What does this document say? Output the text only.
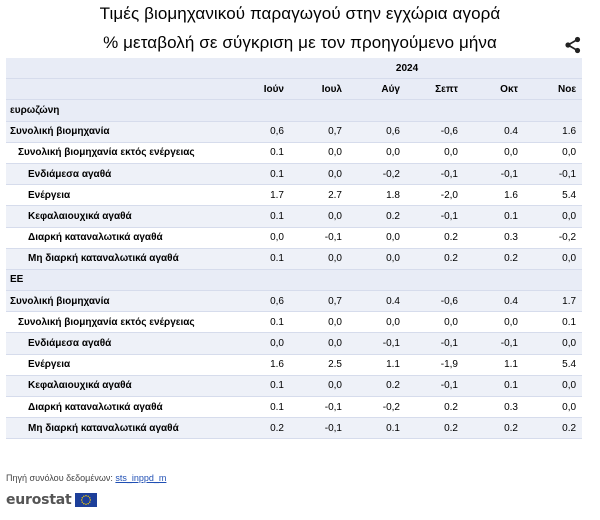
Τιμές βιομηχανικού παραγωγού στην εγχώρια αγορά
% μεταβολή σε σύγκριση με τον προηγούμενο μήνα
	2024					
	Ιούν	Ιουλ	Αύγ	Σεπτ	Οκτ	Νοε
ευρωζώνη						
Συνολική βιομηχανία	0,6	0,7	0,6	-0,6	0.4	1.6
Συνολική βιομηχανία εκτός ενέργειας	0.1	0,0	0,0	0,0	0,0	0,0
Ενδιάμεσα αγαθά	0.1	0,0	-0,2	-0,1	-0,1	-0,1
Ενέργεια	1.7	2.7	1.8	-2,0	1.6	5.4
Κεφαλαιουχικά αγαθά	0.1	0,0	0.2	-0,1	0.1	0,0
Διαρκή καταναλωτικά αγαθά	0,0	-0,1	0,0	0.2	0.3	-0,2
Μη διαρκή καταναλωτικά αγαθά	0.1	0,0	0,0	0.2	0.2	0,0
ΕΕ						
Συνολική βιομηχανία	0,6	0,7	0.4	-0,6	0.4	1.7
Συνολική βιομηχανία εκτός ενέργειας	0.1	0,0	0,0	0,0	0,0	0.1
Ενδιάμεσα αγαθά	0,0	0,0	-0,1	-0,1	-0,1	0,0
Ενέργεια	1.6	2.5	1.1	-1,9	1.1	5.4
Κεφαλαιουχικά αγαθά	0.1	0,0	0.2	-0,1	0.1	0,0
Διαρκή καταναλωτικά αγαθά	0.1	-0,1	-0,2	0.2	0.3	0,0
Μη διαρκή καταναλωτικά αγαθά	0.2	-0,1	0.1	0.2	0.2	0.2
Πηγή συνόλου δεδομένων: sts_inppd_m
eurostat
